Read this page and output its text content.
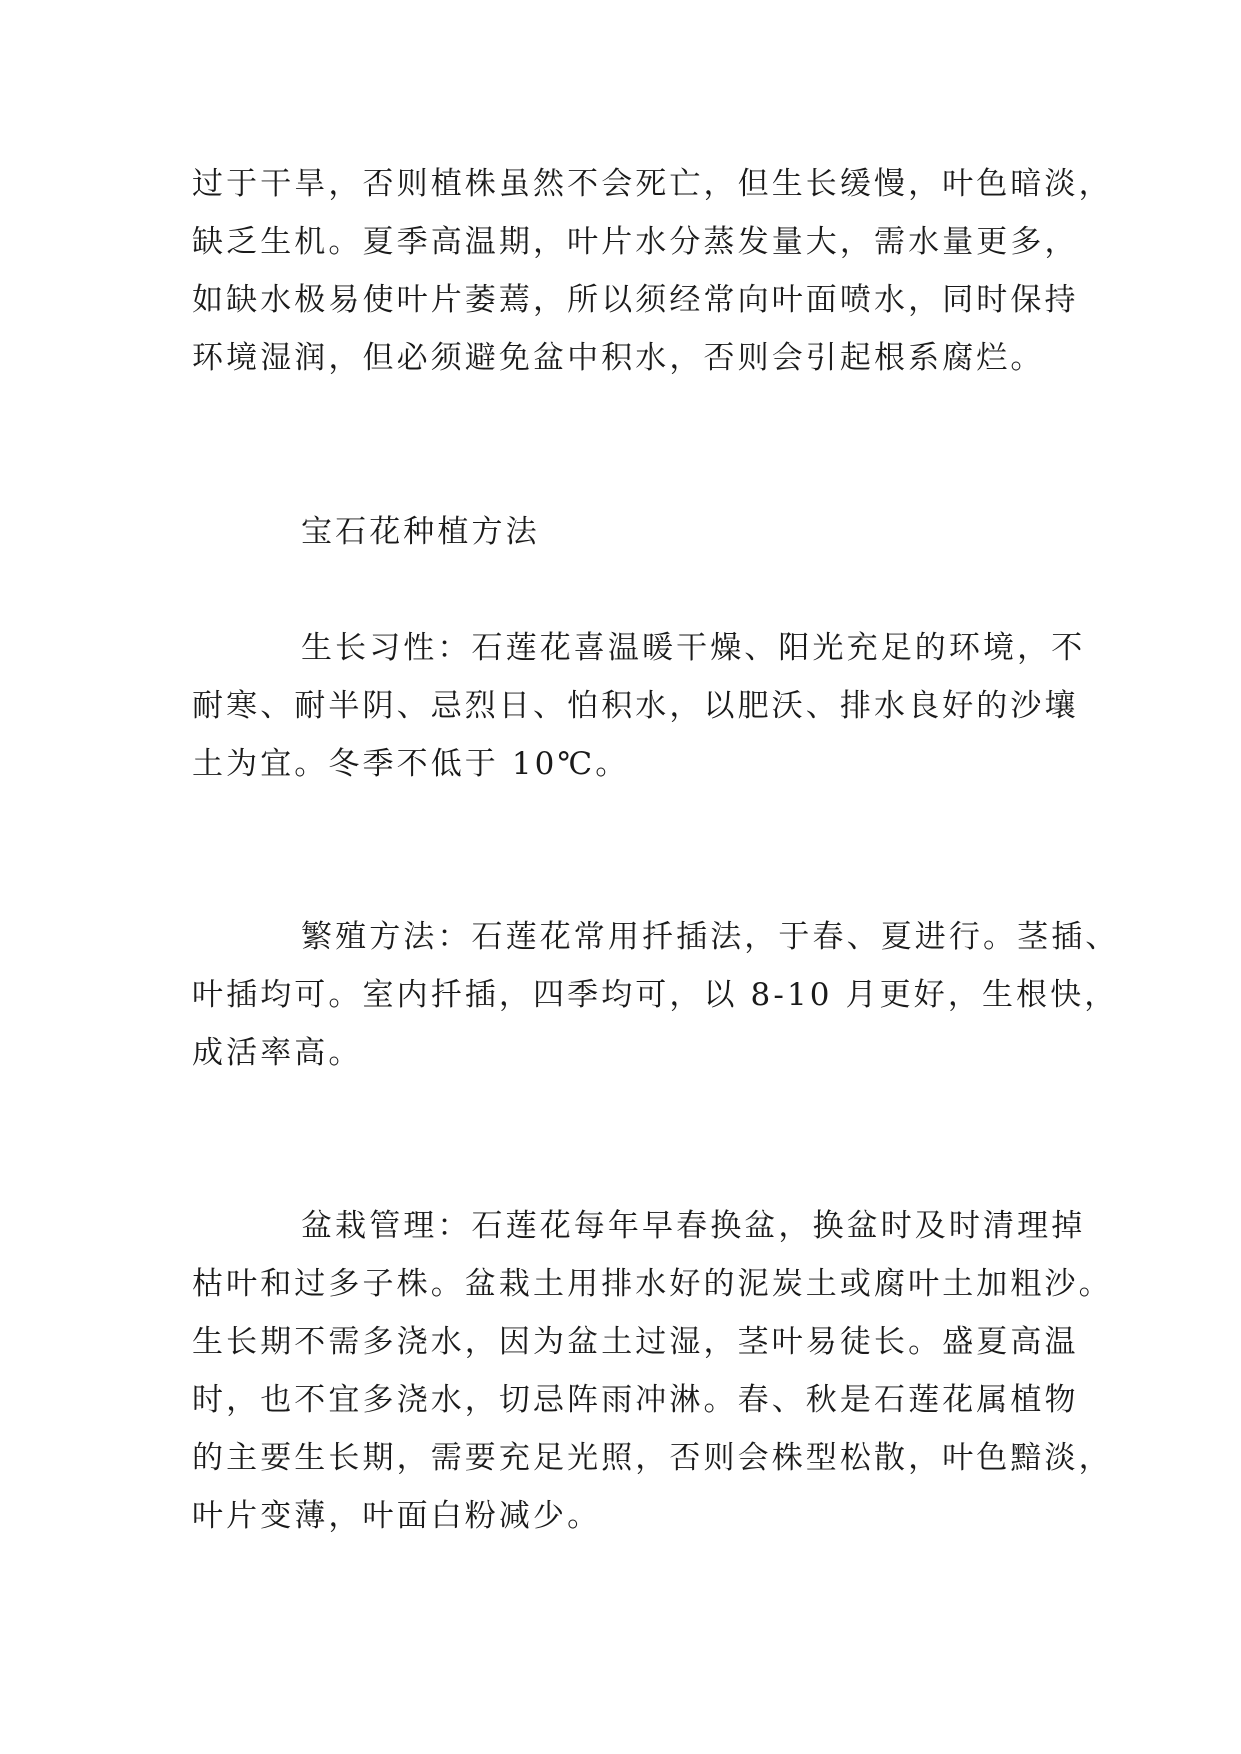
过于干旱，否则植株虽然不会死亡，但生长缓慢，叶色暗淡，
缺乏生机。夏季高温期，叶片水分蒸发量大，需水量更多，
如缺水极易使叶片萎蔫，所以须经常向叶面喷水，同时保持
环境湿润，但必须避免盆中积水，否则会引起根系腐烂。
宝石花种植方法
生长习性：石莲花喜温暖干燥、阳光充足的环境，不
耐寒、耐半阴、忌烈日、怕积水，以肥沃、排水良好的沙壤
土为宜。冬季不低于 10℃。
繁殖方法：石莲花常用扦插法，于春、夏进行。茎插、
叶插均可。室内扦插，四季均可，以 8-10 月更好，生根快，
成活率高。
盆栽管理：石莲花每年早春换盆，换盆时及时清理掉
枯叶和过多子株。盆栽土用排水好的泥炭土或腐叶土加粗沙。
生长期不需多浇水，因为盆土过湿，茎叶易徒长。盛夏高温
时，也不宜多浇水，切忌阵雨冲淋。春、秋是石莲花属植物
的主要生长期，需要充足光照，否则会株型松散，叶色黯淡，
叶片变薄，叶面白粉减少。
